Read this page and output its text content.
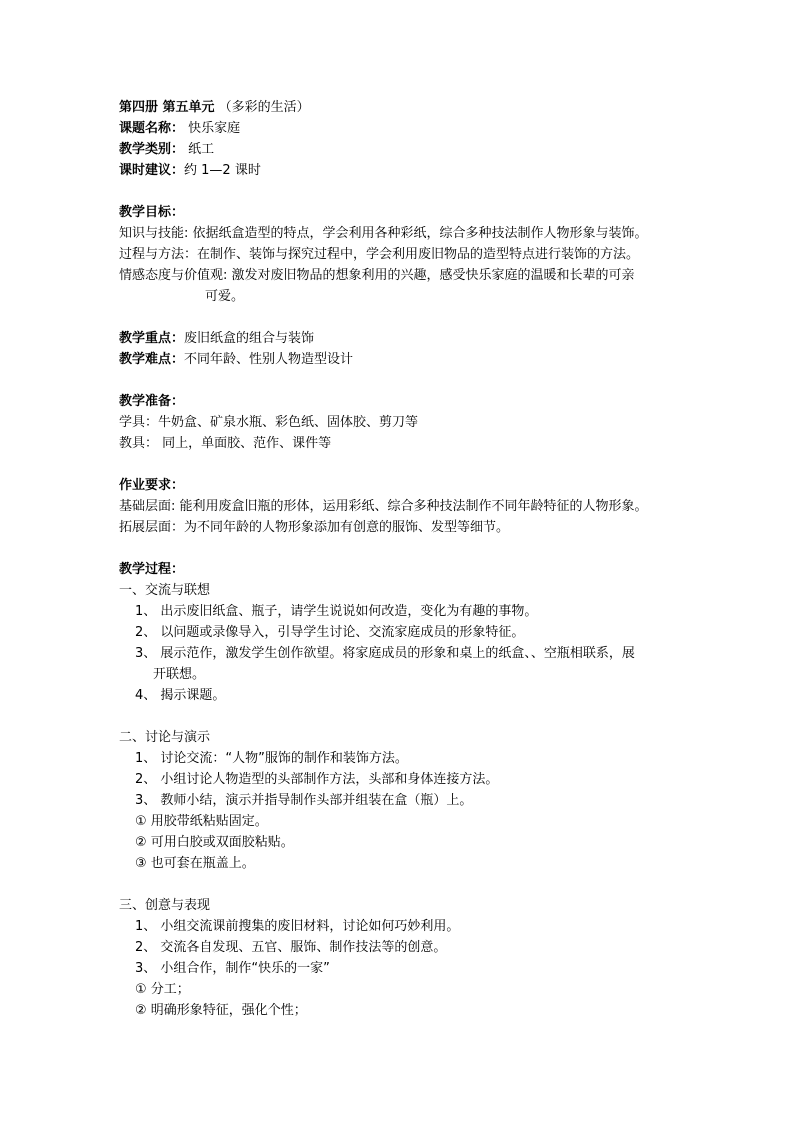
第四册 第五单元 （多彩的生活）
课题名称： 快乐家庭
教学类别： 纸工
课时建议：约 1—2 课时
教学目标：
知识与技能: 依据纸盒造型的特点，学会利用各种彩纸，综合多种技法制作人物形象与装饰。
过程与方法：在制作、装饰与探究过程中，学会利用废旧物品的造型特点进行装饰的方法。
情感态度与价值观: 激发对废旧物品的想象利用的兴趣，感受快乐家庭的温暖和长辈的可亲
可爱。
教学重点：废旧纸盒的组合与装饰
教学难点：不同年龄、性别人物造型设计
教学准备：
学具：牛奶盒、矿泉水瓶、彩色纸、固体胶、剪刀等
教具： 同上，单面胶、范作、课件等
作业要求：
基础层面: 能利用废盒旧瓶的形体，运用彩纸、综合多种技法制作不同年龄特征的人物形象。
拓展层面：为不同年龄的人物形象添加有创意的服饰、发型等细节。
教学过程：
一、交流与联想
1、 出示废旧纸盒、瓶子，请学生说说如何改造，变化为有趣的事物。
2、 以问题或录像导入，引导学生讨论、交流家庭成员的形象特征。
3、 展示范作，激发学生创作欲望。将家庭成员的形象和桌上的纸盒、、空瓶相联系，展
开联想。
4、 揭示课题。
二、讨论与演示
1、 讨论交流：“人物”服饰的制作和装饰方法。
2、 小组讨论人物造型的头部制作方法，头部和身体连接方法。
3、 教师小结，演示并指导制作头部并组装在盒（瓶）上。
① 用胶带纸粘贴固定。
② 可用白胶或双面胶粘贴。
③ 也可套在瓶盖上。
三、创意与表现
1、 小组交流课前搜集的废旧材料，讨论如何巧妙利用。
2、 交流各自发现、五官、服饰、制作技法等的创意。
3、 小组合作，制作“快乐的一家”
① 分工；
② 明确形象特征，强化个性；
